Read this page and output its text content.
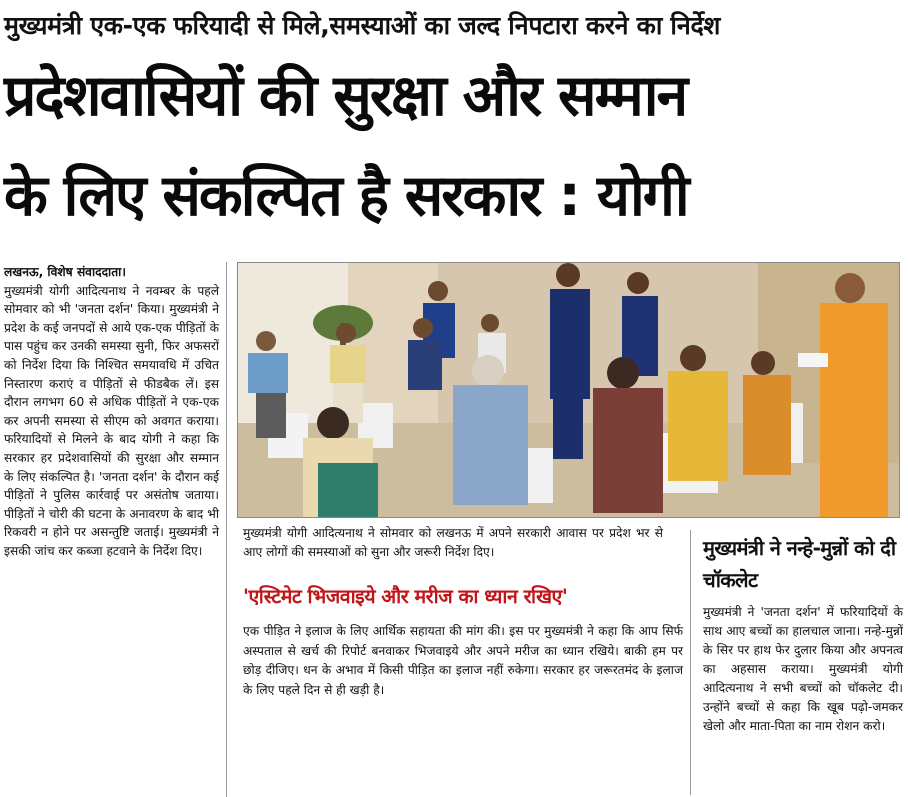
मुख्यमंत्री एक-एक फरियादी से मिले,समस्याओं का जल्द निपटारा करने का निर्देश
प्रदेशवासियों की सुरक्षा और सम्मान
के लिए संकल्पित है सरकार : योगी
लखनऊ, विशेष संवाददाता।
मुख्यमंत्री योगी आदित्यनाथ ने नवम्बर के पहले सोमवार को भी 'जनता दर्शन' किया। मुख्यमंत्री ने प्रदेश के कई जनपदों से आये एक-एक पीड़ितों के पास पहुंच कर उनकी समस्या सुनी, फिर अफसरों को निर्देश दिया कि निश्चित समयावधि में उचित निस्तारण कराएं व पीड़ितों से फीडबैक लें। इस दौरान लगभग 60 से अधिक पीड़ितों ने एक-एक कर अपनी समस्या से सीएम को अवगत कराया। फरियादियों से मिलने के बाद योगी ने कहा कि सरकार हर प्रदेशवासियों की सुरक्षा और सम्मान के लिए संकल्पित है। 'जनता दर्शन' के दौरान कई पीड़ितों ने पुलिस कार्रवाई पर असंतोष जताया। पीड़ितों ने चोरी की घटना के अनावरण के बाद भी रिकवरी न होने पर असन्तुष्टि जताई। मुख्यमंत्री ने इसकी जांच कर कब्जा हटवाने के निर्देश दिए।
मुख्यमंत्री योगी आदित्यनाथ ने सोमवार को लखनऊ में अपने सरकारी आवास पर प्रदेश भर से आए लोगों की समस्याओं को सुना और जरूरी निर्देश दिए।
'एस्टिमेट भिजवाइये और मरीज का ध्यान रखिए'
एक पीड़ित ने इलाज के लिए आर्थिक सहायता की मांग की। इस पर मुख्यमंत्री ने कहा कि आप सिर्फ अस्पताल से खर्च की रिपोर्ट बनवाकर भिजवाइये और अपने मरीज का ध्यान रखिये। बाकी हम पर छोड़ दीजिए। धन के अभाव में किसी पीड़ित का इलाज नहीं रुकेगा। सरकार हर जरूरतमंद के इलाज के लिए पहले दिन से ही खड़ी है।
मुख्यमंत्री ने नन्हे-मुन्नों को दी चॉकलेट
मुख्यमंत्री ने 'जनता दर्शन' में फरियादियों के साथ आए बच्चों का हालचाल जाना। नन्हे-मुन्नों के सिर पर हाथ फेर दुलार किया और अपनत्व का अहसास कराया। मुख्यमंत्री योगी आदित्यनाथ ने सभी बच्चों को चॉकलेट दी। उन्होंने बच्चों से कहा कि खूब पढ़ो-जमकर खेलो और माता-पिता का नाम रोशन करो।
